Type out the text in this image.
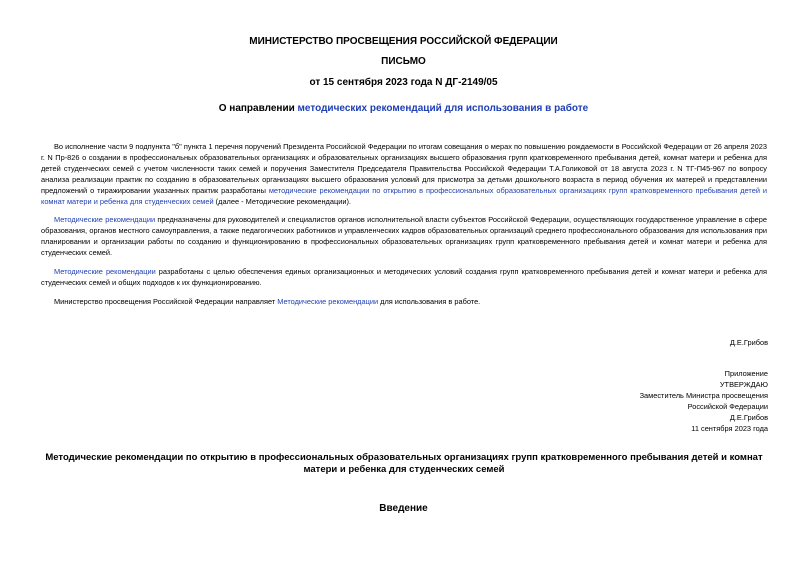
МИНИСТЕРСТВО ПРОСВЕЩЕНИЯ РОССИЙСКОЙ ФЕДЕРАЦИИ
ПИСЬМО
от 15 сентября 2023 года N ДГ-2149/05
О направлении методических рекомендаций для использования в работе
Во исполнение части 9 подпункта "б" пункта 1 перечня поручений Президента Российской Федерации по итогам совещания о мерах по повышению рождаемости в Российской Федерации от 26 апреля 2023 г. N Пр-826 о создании в профессиональных образовательных организациях и образовательных организациях высшего образования групп кратковременного пребывания детей, комнат матери и ребенка для детей студенческих семей с учетом численности таких семей и поручения Заместителя Председателя Правительства Российской Федерации Т.А.Голиковой от 18 августа 2023 г. N ТГ-П45-967 по вопросу анализа реализации практик по созданию в образовательных организациях высшего образования условий для присмотра за детьми дошкольного возраста в период обучения их матерей и представлении предложений о тиражировании указанных практик разработаны методические рекомендации по открытию в профессиональных образовательных организациях групп кратковременного пребывания детей и комнат матери и ребенка для студенческих семей (далее - Методические рекомендации).
Методические рекомендации предназначены для руководителей и специалистов органов исполнительной власти субъектов Российской Федерации, осуществляющих государственное управление в сфере образования, органов местного самоуправления, а также педагогических работников и управленческих кадров образовательных организаций среднего профессионального образования для использования при планировании и организации работы по созданию и функционированию в профессиональных образовательных организациях групп кратковременного пребывания детей и комнат матери и ребенка для студенческих семей.
Методические рекомендации разработаны с целью обеспечения единых организационных и методических условий создания групп кратковременного пребывания детей и комнат матери и ребенка для студенческих семей и общих подходов к их функционированию.
Министерство просвещения Российской Федерации направляет Методические рекомендации для использования в работе.
Д.Е.Грибов
Приложение
УТВЕРЖДАЮ
Заместитель Министра просвещения
Российской Федерации
Д.Е.Грибов
11 сентября 2023 года
Методические рекомендации по открытию в профессиональных образовательных организациях групп кратковременного пребывания детей и комнат матери и ребенка для студенческих семей
Введение
